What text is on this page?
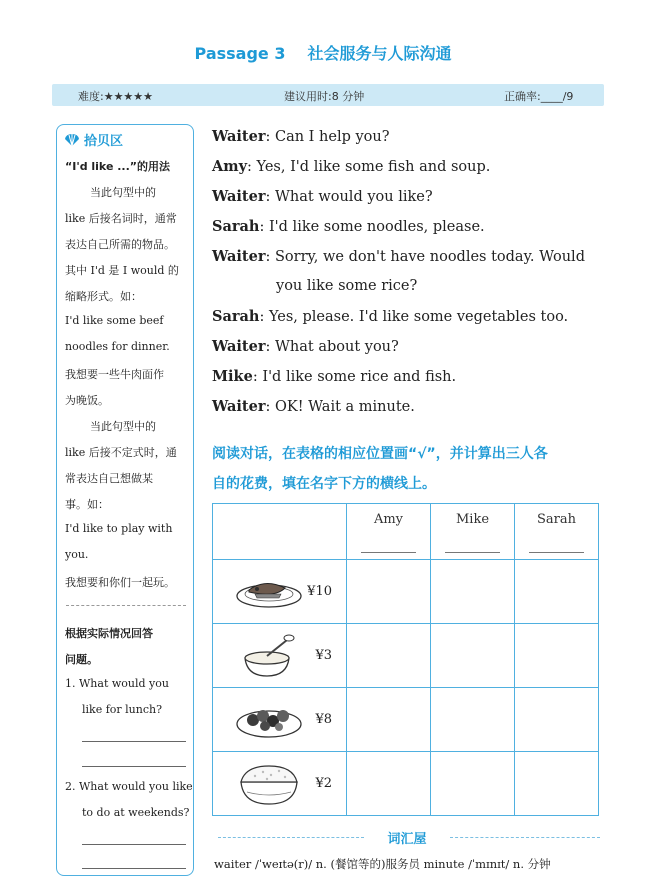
Passage 3 社会服务与人际沟通
难度:★★★★★	建议用时:8 分钟	正确率:____/9
拾贝区
“I'd like ...”的用法
当此句型中的
like 后接名词时，通常
表达自己所需的物品。
其中 I'd 是 I would 的
缩略形式。如：
I'd like some beef
noodles for dinner.
我想要一些牛肉面作
为晚饭。
当此句型中的
like 后接不定式时，通
常表达自己想做某
事。如：
I'd like to play with
you.
我想要和你们一起玩。
根据实际情况回答
问题。
1. What would you
like for lunch?
2. What would you like
to do at weekends?
Waiter: Can I help you?
Amy: Yes, I'd like some fish and soup.
Waiter: What would you like?
Sarah: I'd like some noodles, please.
Waiter: Sorry, we don't have noodles today. Would
you like some rice?
Sarah: Yes, please. I'd like some vegetables too.
Waiter: What about you?
Mike: I'd like some rice and fish.
Waiter: OK! Wait a minute.
阅读对话，在表格的相应位置画“√”，并计算出三人各
自的花费，填在名字下方的横线上。

	Amy	Mike	Sarah

¥10			

¥3			

¥8			

¥2			

词汇屋
waiter /ˈweɪtə(r)/ n. (餐馆等的)服务员 minute /ˈmɪnɪt/ n. 分钟
